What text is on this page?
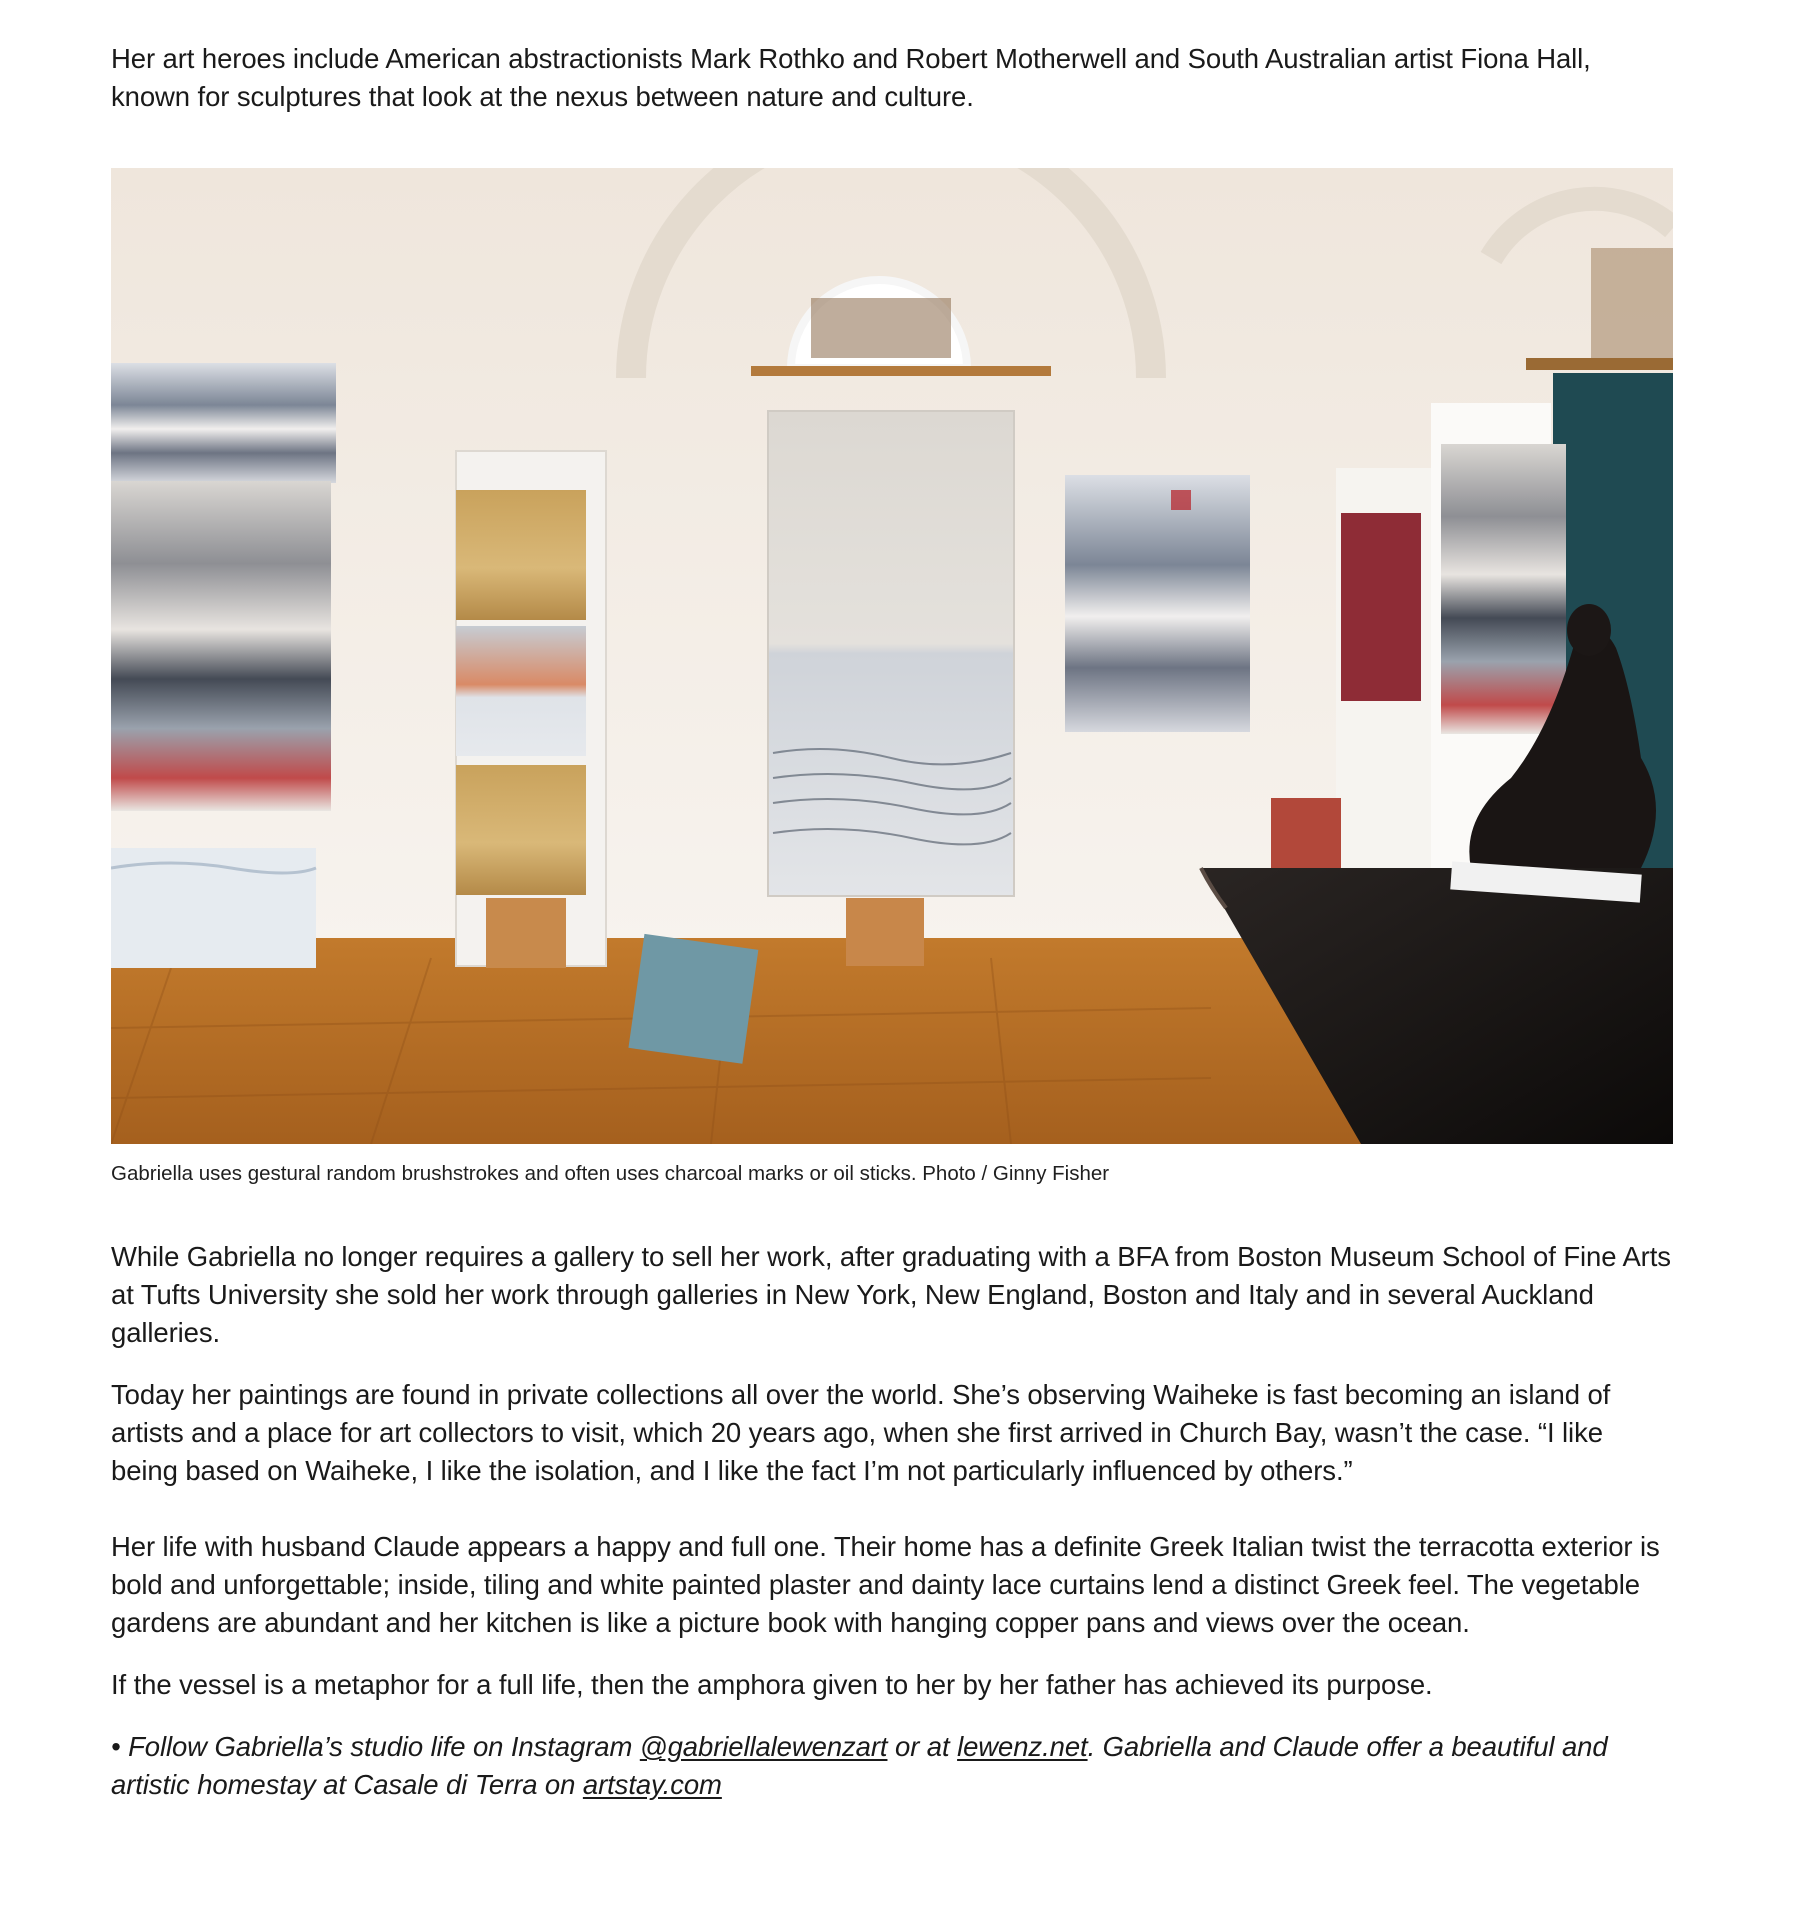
Her art heroes include American abstractionists Mark Rothko and Robert Motherwell and South Australian artist Fiona Hall, known for sculptures that look at the nexus between nature and culture.

Gabriella uses gestural random brushstrokes and often uses charcoal marks or oil sticks. Photo / Ginny Fisher

While Gabriella no longer requires a gallery to sell her work, after graduating with a BFA from Boston Museum School of Fine Arts at Tufts University she sold her work through galleries in New York, New England, Boston and Italy and in several Auckland galleries.

Today her paintings are found in private collections all over the world. She’s observing Waiheke is fast becoming an island of artists and a place for art collectors to visit, which 20 years ago, when she first arrived in Church Bay, wasn’t the case. “I like being based on Waiheke, I like the isolation, and I like the fact I’m not particularly influenced by others.”

Her life with husband Claude appears a happy and full one. Their home has a definite Greek Italian twist the terracotta exterior is bold and unforgettable; inside, tiling and white painted plaster and dainty lace curtains lend a distinct Greek feel. The vegetable gardens are abundant and her kitchen is like a picture book with hanging copper pans and views over the ocean.

If the vessel is a metaphor for a full life, then the amphora given to her by her father has achieved its purpose.

• Follow Gabriella’s studio life on Instagram @gabriellalewenzart or at lewenz.net. Gabriella and Claude offer a beautiful and artistic homestay at Casale di Terra on artstay.com
